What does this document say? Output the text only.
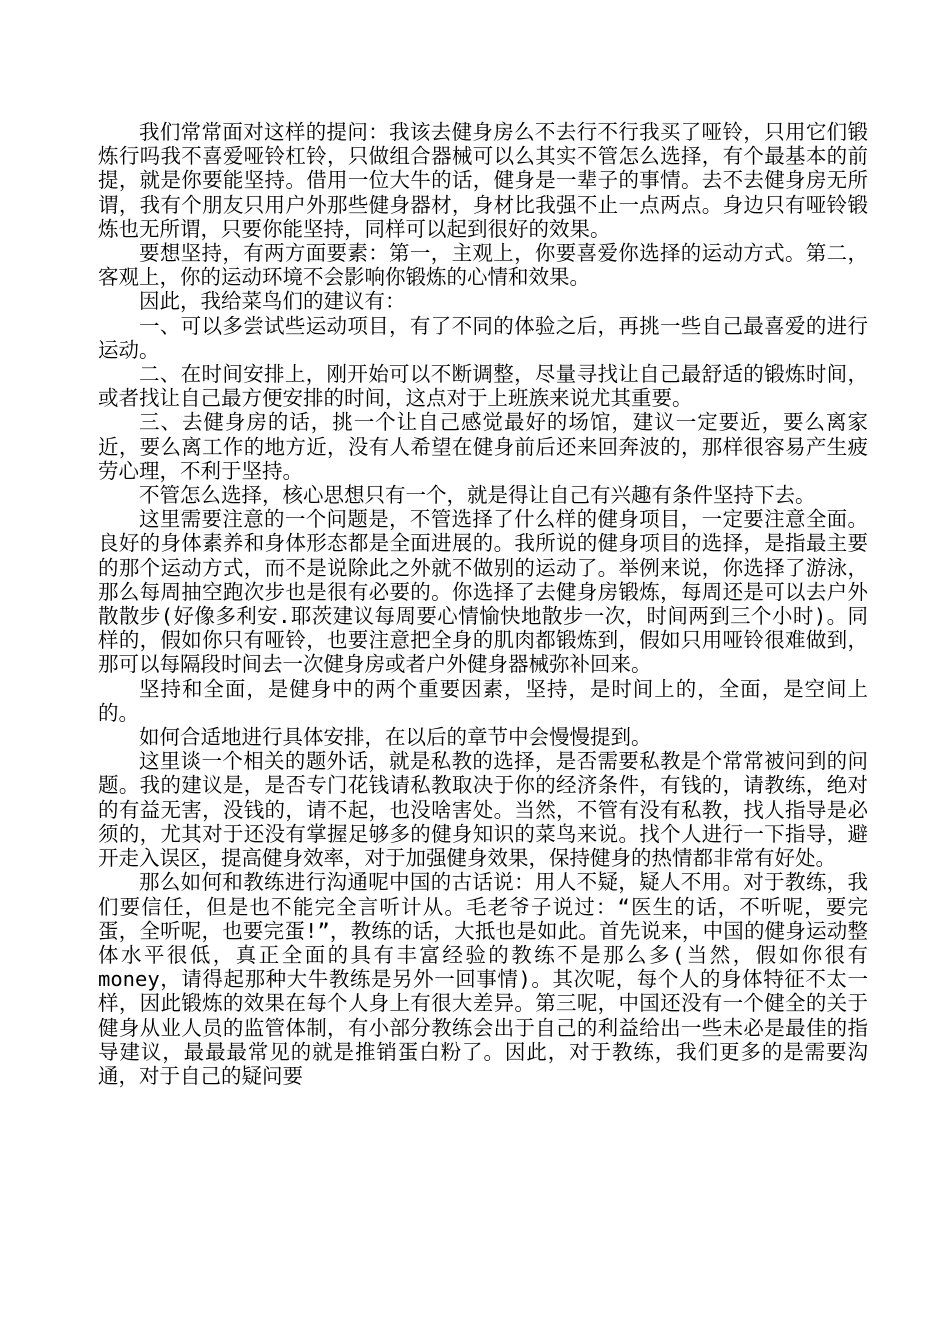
我们常常面对这样的提问：我该去健身房么不去行不行我买了哑铃，只用它们锻炼行吗我不喜爱哑铃杠铃，只做组合器械可以么其实不管怎么选择，有个最基本的前提，就是你要能坚持。借用一位大牛的话，健身是一辈子的事情。去不去健身房无所谓，我有个朋友只用户外那些健身器材，身材比我强不止一点两点。身边只有哑铃锻炼也无所谓，只要你能坚持，同样可以起到很好的效果。

要想坚持，有两方面要素：第一，主观上，你要喜爱你选择的运动方式。第二，客观上，你的运动环境不会影响你锻炼的心情和效果。

因此，我给菜鸟们的建议有：

一、可以多尝试些运动项目，有了不同的体验之后，再挑一些自己最喜爱的进行运动。

二、在时间安排上，刚开始可以不断调整，尽量寻找让自己最舒适的锻炼时间，或者找让自己最方便安排的时间，这点对于上班族来说尤其重要。

三、去健身房的话，挑一个让自己感觉最好的场馆，建议一定要近，要么离家近，要么离工作的地方近，没有人希望在健身前后还来回奔波的，那样很容易产生疲劳心理，不利于坚持。

不管怎么选择，核心思想只有一个，就是得让自己有兴趣有条件坚持下去。

这里需要注意的一个问题是，不管选择了什么样的健身项目，一定要注意全面。良好的身体素养和身体形态都是全面进展的。我所说的健身项目的选择，是指最主要的那个运动方式，而不是说除此之外就不做别的运动了。举例来说，你选择了游泳，那么每周抽空跑次步也是很有必要的。你选择了去健身房锻炼，每周还是可以去户外散散步(好像多利安.耶茨建议每周要心情愉快地散步一次，时间两到三个小时)。同样的，假如你只有哑铃，也要注意把全身的肌肉都锻炼到，假如只用哑铃很难做到，那可以每隔段时间去一次健身房或者户外健身器械弥补回来。

坚持和全面，是健身中的两个重要因素，坚持，是时间上的，全面，是空间上的。

如何合适地进行具体安排，在以后的章节中会慢慢提到。

这里谈一个相关的题外话，就是私教的选择，是否需要私教是个常常被问到的问题。我的建议是，是否专门花钱请私教取决于你的经济条件，有钱的，请教练，绝对的有益无害，没钱的，请不起，也没啥害处。当然，不管有没有私教，找人指导是必须的，尤其对于还没有掌握足够多的健身知识的菜鸟来说。找个人进行一下指导，避开走入误区，提高健身效率，对于加强健身效果，保持健身的热情都非常有好处。

那么如何和教练进行沟通呢中国的古话说：用人不疑，疑人不用。对于教练，我们要信任，但是也不能完全言听计从。毛老爷子说过：“医生的话，不听呢，要完蛋，全听呢，也要完蛋!”，教练的话，大抵也是如此。首先说来，中国的健身运动整体水平很低，真正全面的具有丰富经验的教练不是那么多(当然，假如你很有money，请得起那种大牛教练是另外一回事情)。其次呢，每个人的身体特征不太一样，因此锻炼的效果在每个人身上有很大差异。第三呢，中国还没有一个健全的关于健身从业人员的监管体制，有小部分教练会出于自己的利益给出一些未必是最佳的指导建议，最最最常见的就是推销蛋白粉了。因此，对于教练，我们更多的是需要沟通，对于自己的疑问要
